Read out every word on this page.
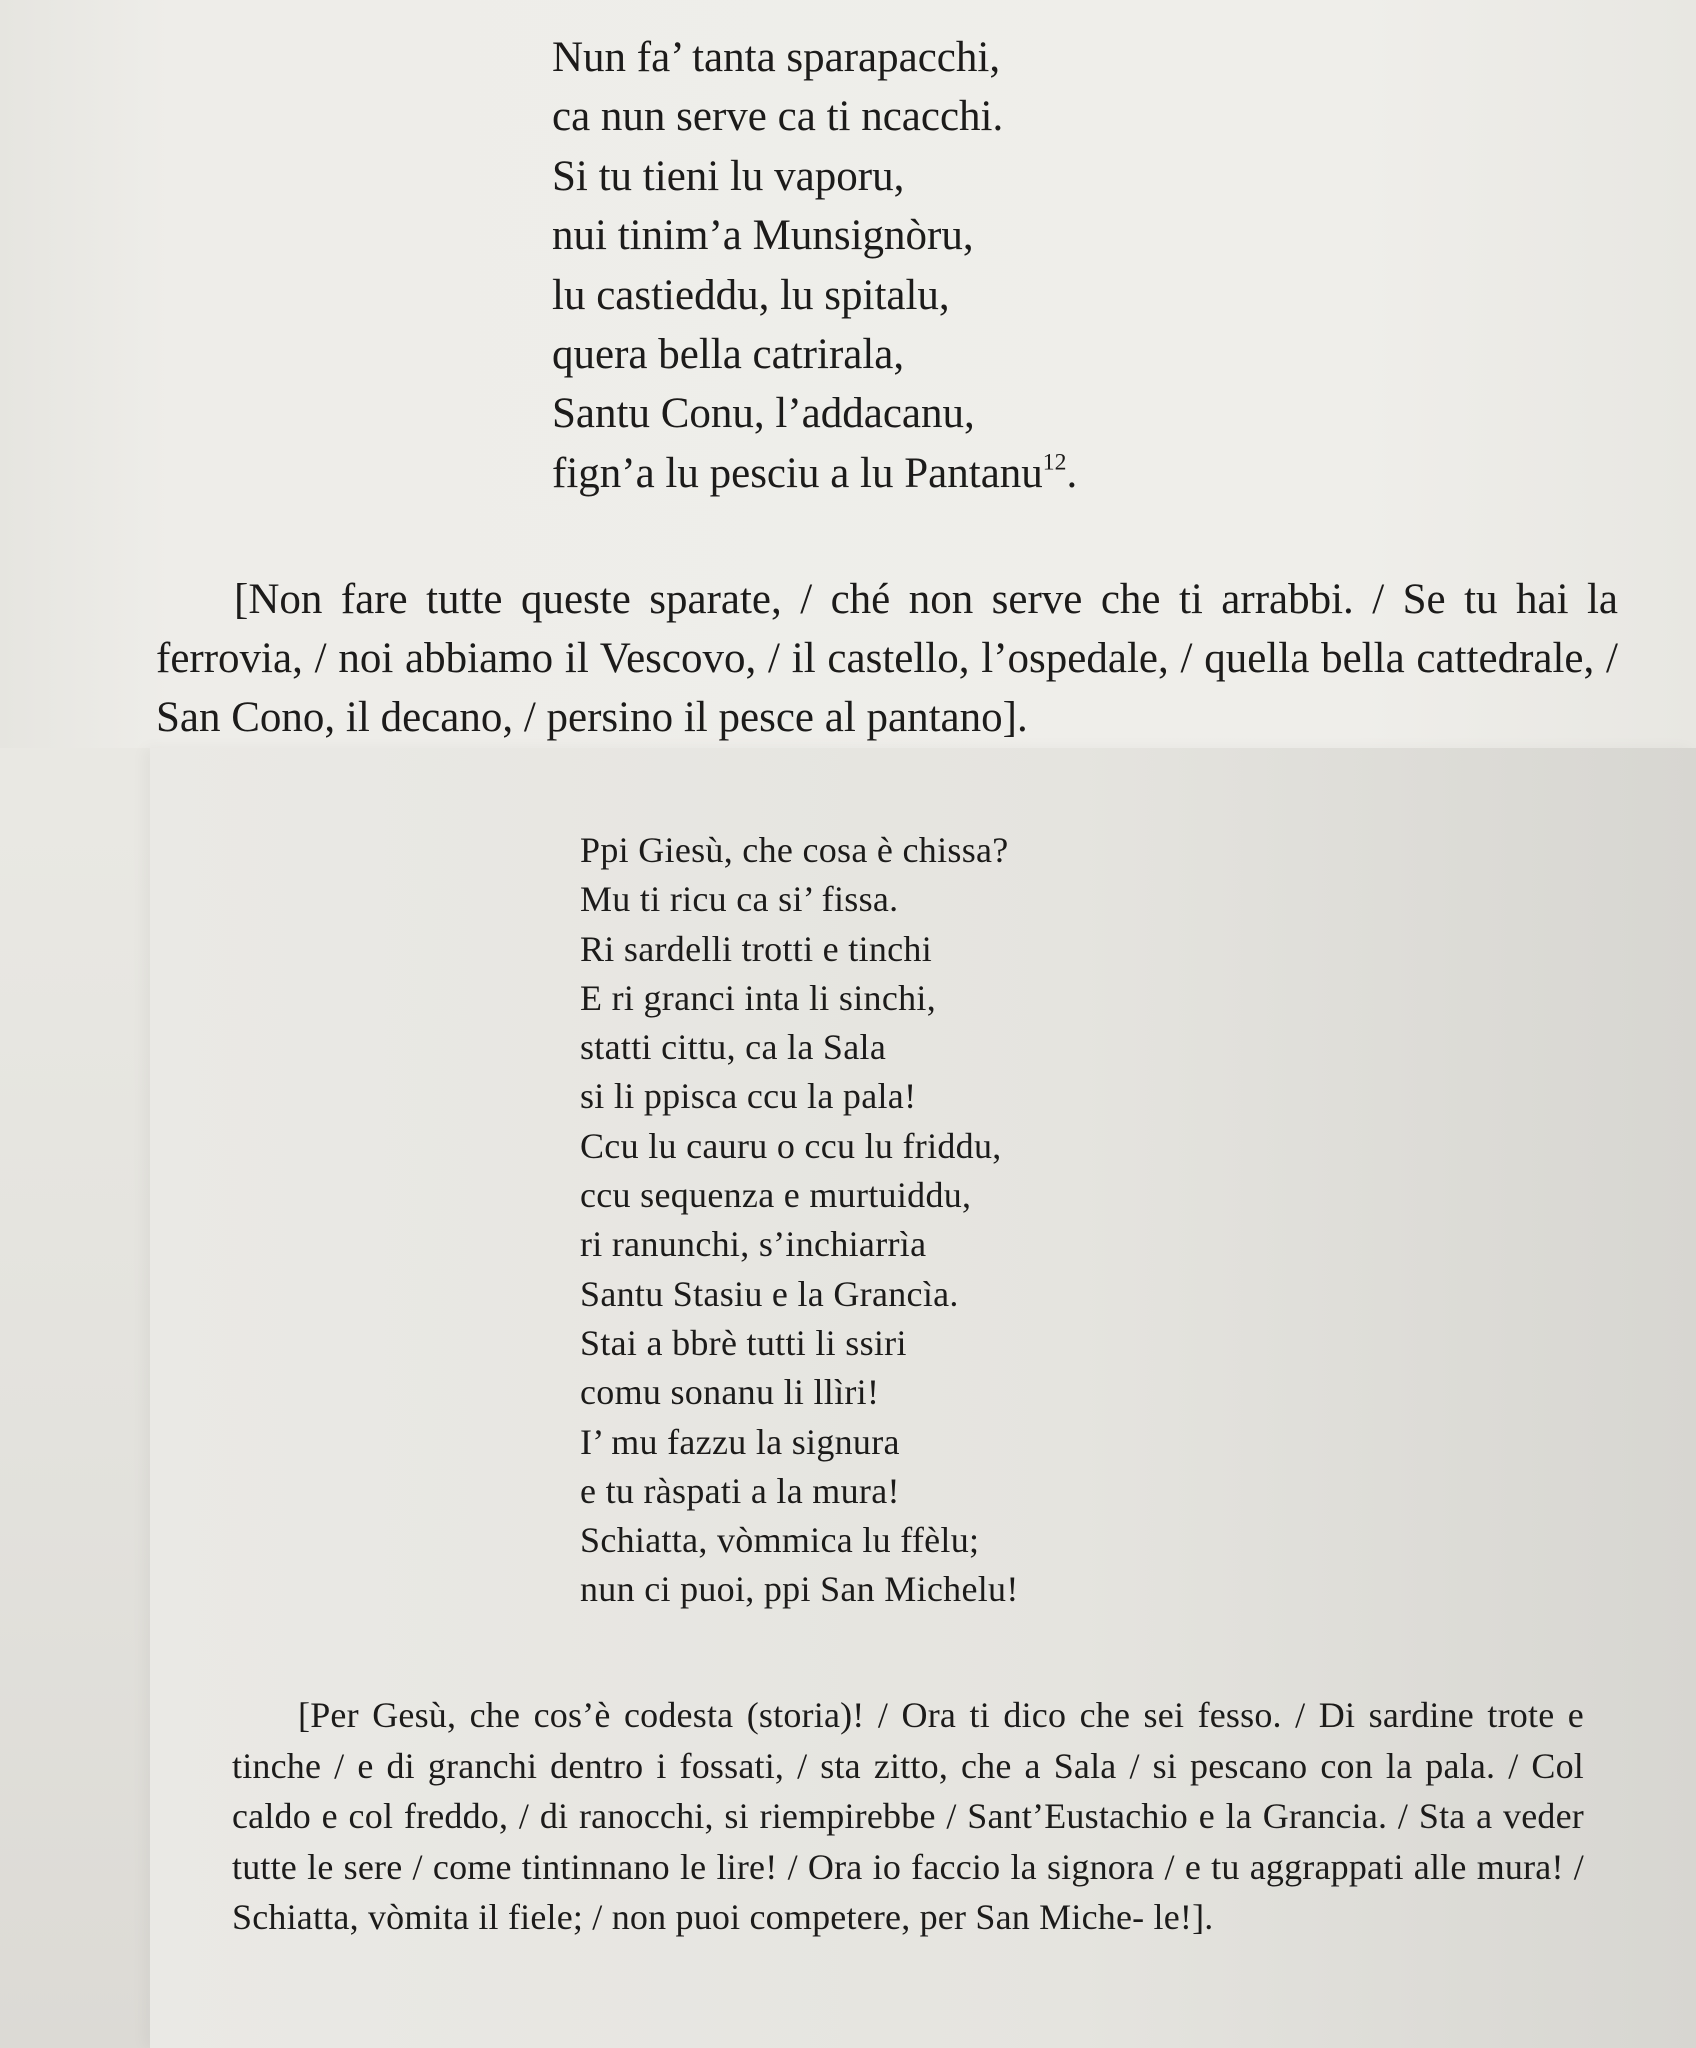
Nun fa’ tanta sparapacchi,
ca nun serve ca ti ncacchi.
Si tu tieni lu vaporu,
nui tinim’a Munsignòru,
lu castieddu, lu spitalu,
quera bella catrirala,
Santu Conu, l’addacanu,
fign’a lu pesciu a lu Pantanu$^{12}$.

[Non fare tutte queste sparate, / ché non serve che ti arrabbi. / Se tu hai la ferrovia, / noi abbiamo il Vescovo, / il castello, l’ospedale, / quella bella cattedrale, / San Cono, il decano, / persino il pesce al pantano].

Ppi Giesù, che cosa è chissa?
Mu ti ricu ca si’ fissa.
Ri sardelli trotti e tinchi
E ri granci inta li sinchi,
statti cittu, ca la Sala
si li ppisca ccu la pala!
Ccu lu cauru o ccu lu friddu,
ccu sequenza e murtuiddu,
ri ranunchi, s’inchiarrìa
Santu Stasiu e la Grancìa.
Stai a bbrè tutti li ssiri
comu sonanu li llìri!
I’ mu fazzu la signura
e tu ràspati a la mura!
Schiatta, vòmmica lu ffèlu;
nun ci puoi, ppi San Michelu!

[Per Gesù, che cos’è codesta (storia)! / Ora ti dico che sei fesso. / Di sardine trote e tinche / e di granchi dentro i fossati, / sta zitto, che a Sala / si pescano con la pala. / Col caldo e col freddo, / di ranocchi, si riempirebbe / Sant’Eustachio e la Grancia. / Sta a veder tutte le sere / come tintinnano le lire! / Ora io faccio la signora / e tu aggrappati alle mura! / Schiatta, vòmita il fiele; / non puoi competere, per San Miche- le!].
